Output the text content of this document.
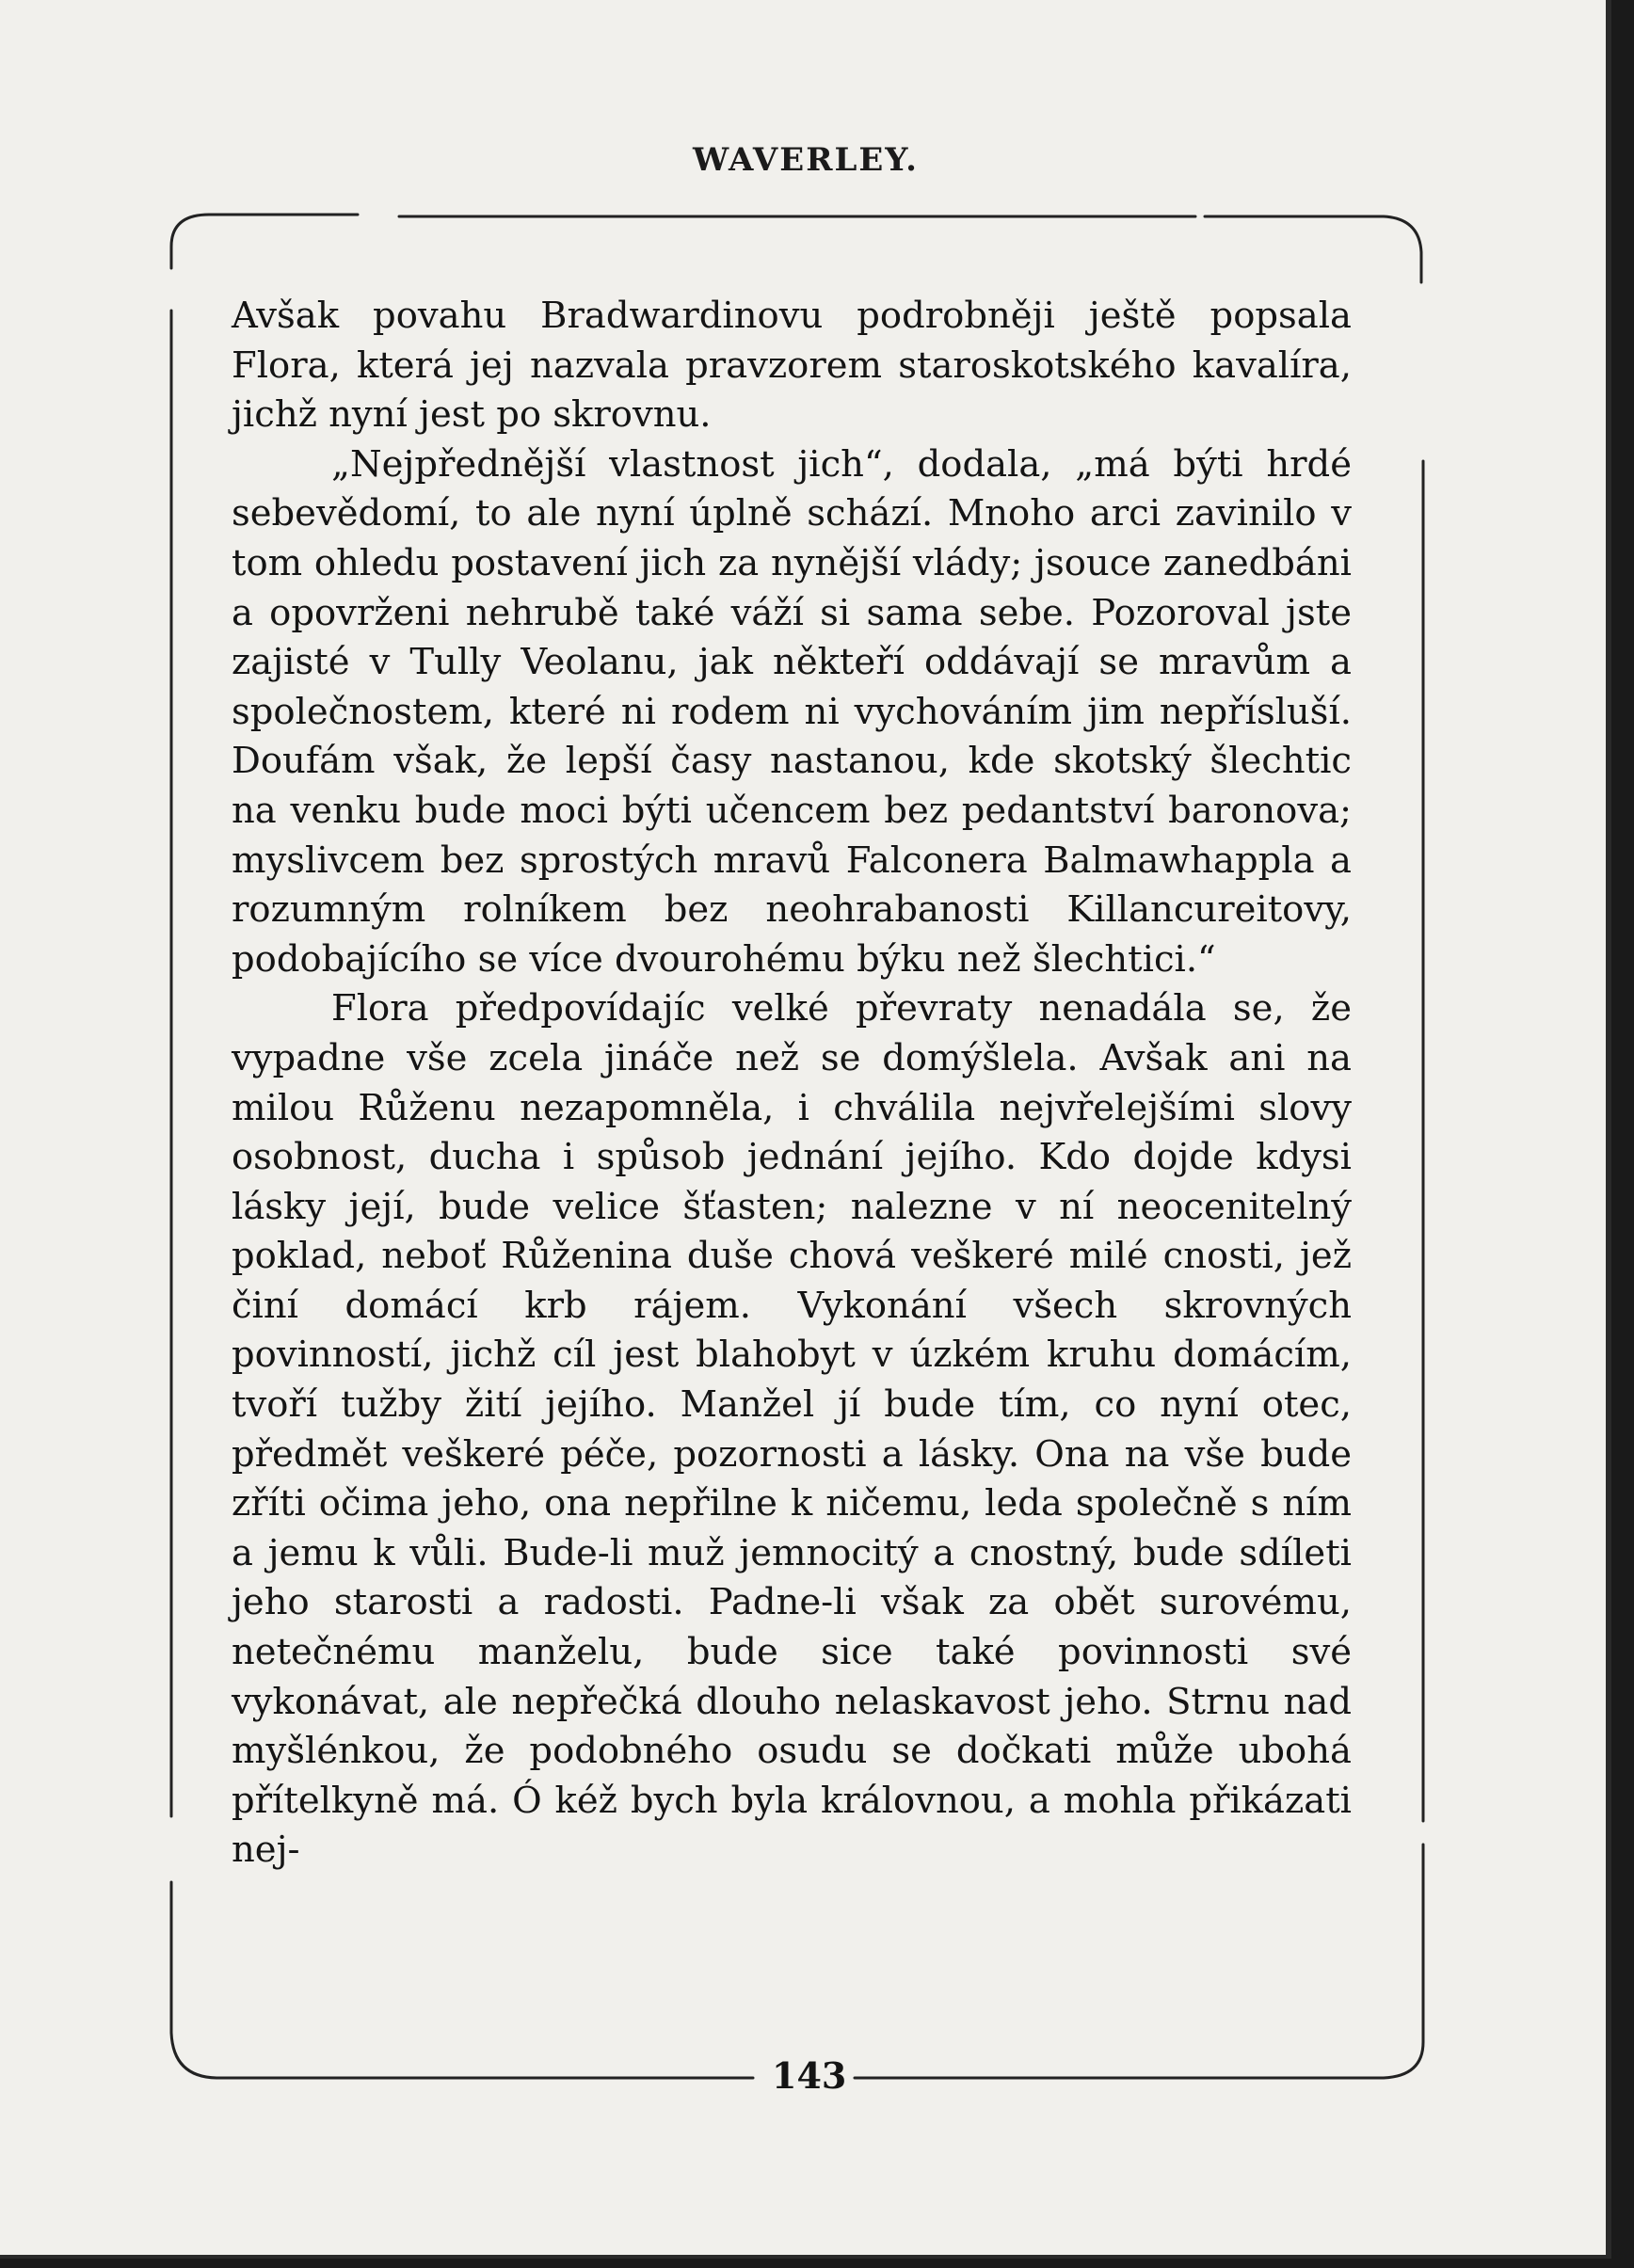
WAVERLEY.

Avšak povahu Bradwardinovu podrobněji ještě popsala Flora, která jej nazvala pravzorem staroskotského kavalíra, jichž nyní jest po skrovnu.

„Nejpřednější vlastnost jich“, dodala, „má býti hrdé sebevědomí, to ale nyní úplně schází. Mnoho arci zavinilo v tom ohledu postavení jich za nynější vlády; jsouce zanedbáni a opovrženi nehrubě také váží si sama sebe. Pozoroval jste zajisté v Tully Veolanu, jak někteří oddávají se mravům a společnostem, které ni rodem ni vychováním jim nepřísluší. Doufám však, že lepší časy nastanou, kde skotský šlechtic na venku bude moci býti učencem bez pedantství baronova; myslivcem bez sprostých mravů Falconera Balmawhappla a rozumným rolníkem bez neohrabanosti Killancureitovy, podobajícího se více dvourohému býku než šlechtici.“

Flora předpovídajíc velké převraty nenadála se, že vypadne vše zcela jináče než se domýšlela. Avšak ani na milou Růženu nezapomněla, i chválila nejvřelejšími slovy osobnost, ducha i spůsob jednání jejího. Kdo dojde kdysi lásky její, bude velice šťasten; nalezne v ní neocenitelný poklad, neboť Růženina duše chová veškeré milé cnosti, jež činí domácí krb rájem. Vykonání všech skrovných povinností, jichž cíl jest blahobyt v úzkém kruhu domácím, tvoří tužby žití jejího. Manžel jí bude tím, co nyní otec, předmět veškeré péče, pozornosti a lásky. Ona na vše bude zříti očima jeho, ona nepřilne k ničemu, leda společně s ním a jemu k vůli. Bude-li muž jemnocitý a cnostný, bude sdíleti jeho starosti a radosti. Padne-li však za obět surovému, netečnému manželu, bude sice také povinnosti své vykonávat, ale nepřečká dlouho nelaskavost jeho. Strnu nad myšlénkou, že podobného osudu se dočkati může ubohá přítelkyně má. Ó kéž bych byla královnou, a mohla přikázati nej-

143
